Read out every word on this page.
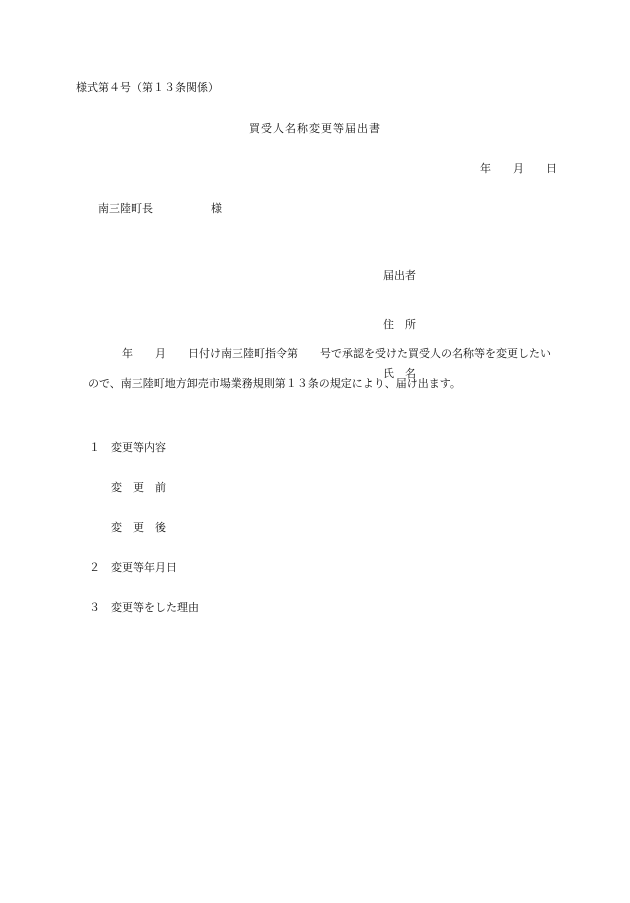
様式第４号（第１３条関係）
買受人名称変更等届出書
年　　月　　日
南三陸町長	様

届出者

住　所

氏　名

年　　月　　日付け南三陸町指令第　　号で承認を受けた買受人の名称等を変更したい
ので、南三陸町地方卸売市場業務規則第１３条の規定により、届け出ます。
１　変更等内容
変　更　前
変　更　後
２　変更等年月日
３　変更等をした理由
